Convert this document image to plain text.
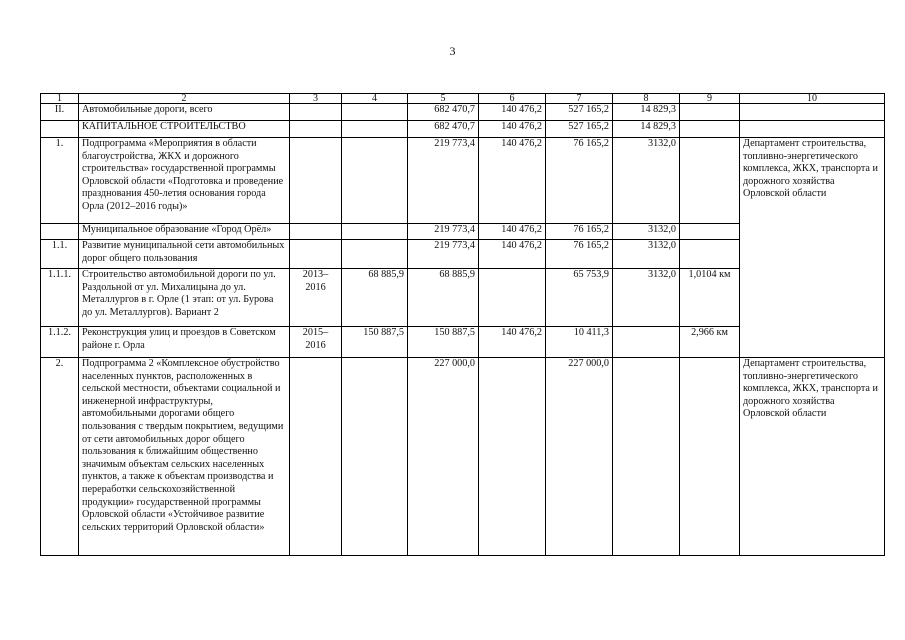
3
1	2	3	4	5	6	7	8	9	10
II.	Автомобильные дороги, всего			682 470,7	140 476,2	527 165,2	14 829,3		
	КАПИТАЛЬНОЕ СТРОИТЕЛЬСТВО			682 470,7	140 476,2	527 165,2	14 829,3		
1.	Подпрограмма «Мероприятия в области благоустройства, ЖКХ и дорожного строительства» государственной программы Орловской области «Подготовка и проведение празднования 450-летия основания города Орла (2012–2016 годы)»			219 773,4	140 476,2	76 165,2	3132,0		Департамент строительства, топливно-энергетического комплекса, ЖКХ, транспорта и дорожного хозяйства Орловской области
	Муниципальное образование «Город Орёл»			219 773,4	140 476,2	76 165,2	3132,0		
1.1.	Развитие муниципальной сети автомобильных дорог общего пользования			219 773,4	140 476,2	76 165,2	3132,0		
1.1.1.	Строительство автомобильной дороги по ул. Раздольной от ул. Михалицына до ул. Металлургов в г. Орле (1 этап: от ул. Бурова до ул. Металлургов). Вариант 2	2013–2016	68 885,9	68 885,9		65 753,9	3132,0	1,0104 км	
1.1.2.	Реконструкция улиц и проездов в Советском районе г. Орла	2015–2016	150 887,5	150 887,5	140 476,2	10 411,3		2,966 км	
2.	Подпрограмма 2 «Комплексное обустройство населенных пунктов, расположенных в сельской местности, объектами социальной и инженерной инфраструктуры, автомобильными дорогами общего пользования с твердым покрытием, ведущими от сети автомобильных дорог общего пользования к ближайшим общественно значимым объектам сельских населенных пунктов, а также к объектам производства и переработки сельскохозяйственной продукции» государственной программы Орловской области «Устойчивое развитие сельских территорий Орловской области»			227 000,0		227 000,0			Департамент строительства, топливно-энергетического комплекса, ЖКХ, транспорта и дорожного хозяйства Орловской области
